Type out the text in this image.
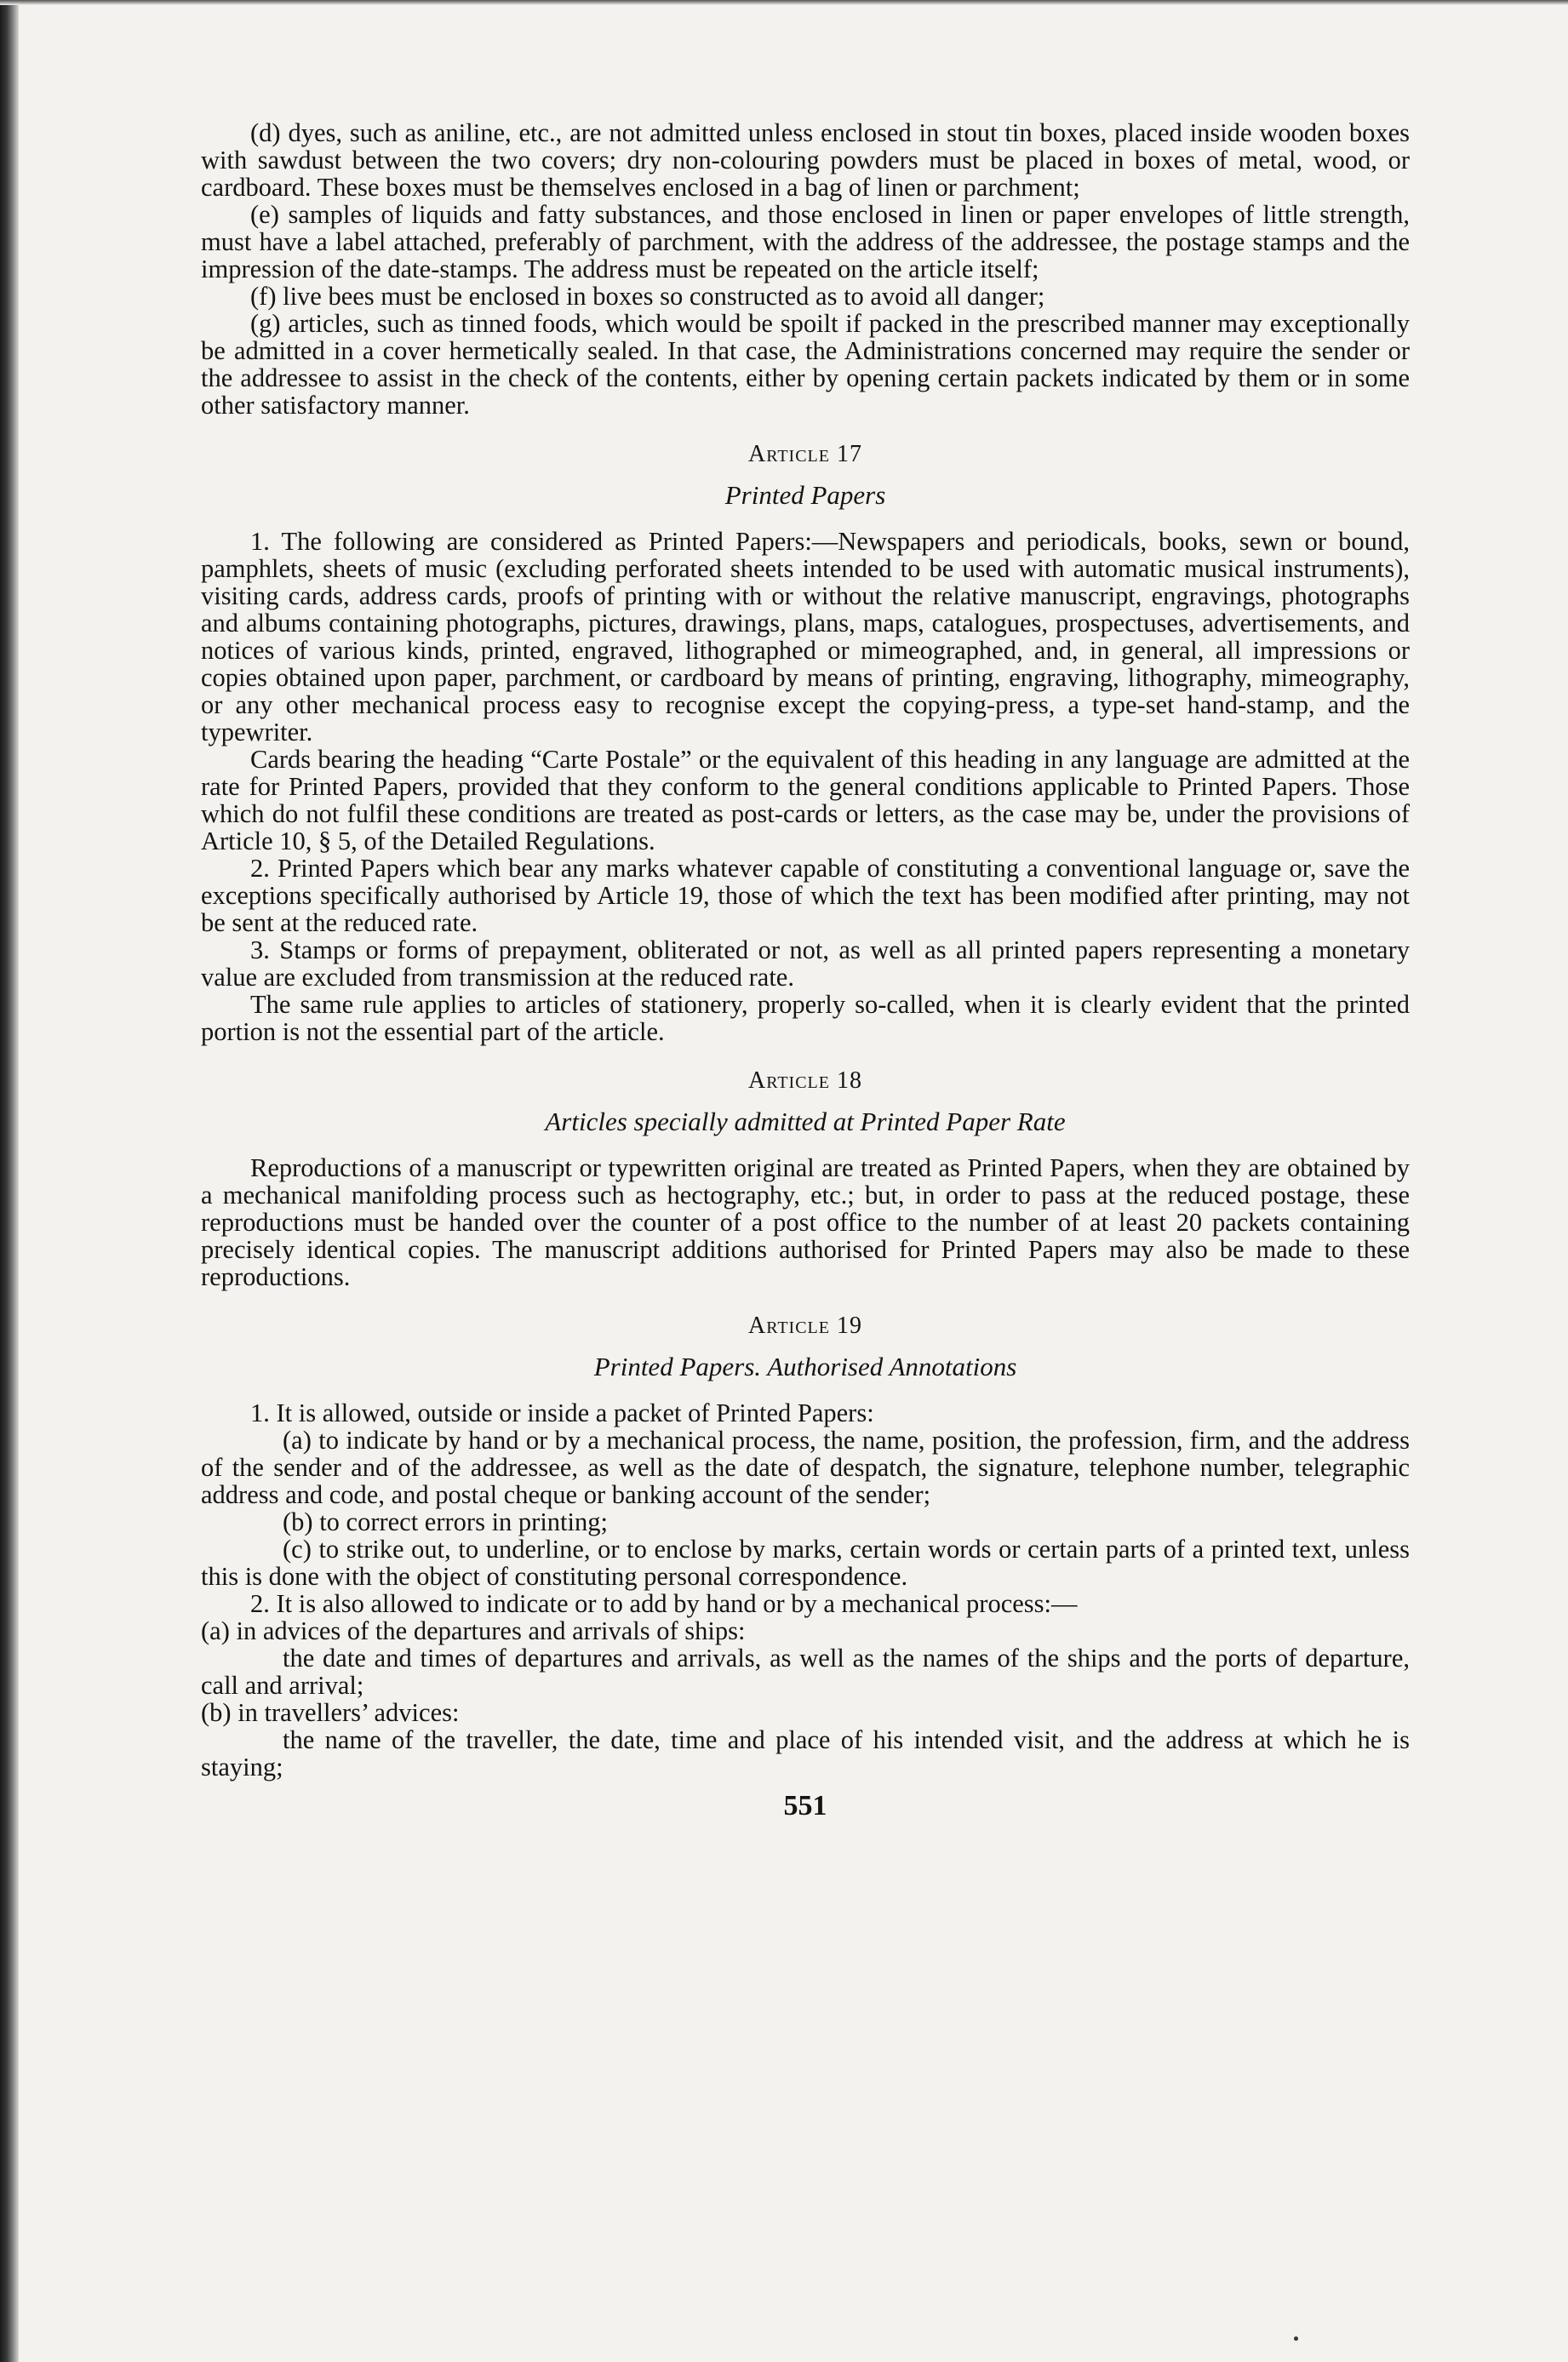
(d) dyes, such as aniline, etc., are not admitted unless enclosed in stout tin boxes, placed inside wooden boxes with sawdust between the two covers; dry non-colouring powders must be placed in boxes of metal, wood, or cardboard. These boxes must be themselves enclosed in a bag of linen or parchment;

(e) samples of liquids and fatty substances, and those enclosed in linen or paper envelopes of little strength, must have a label attached, preferably of parchment, with the address of the addressee, the postage stamps and the impression of the date-stamps. The address must be repeated on the article itself;

(f) live bees must be enclosed in boxes so constructed as to avoid all danger;

(g) articles, such as tinned foods, which would be spoilt if packed in the prescribed manner may exceptionally be admitted in a cover hermetically sealed. In that case, the Administrations concerned may require the sender or the addressee to assist in the check of the contents, either by opening certain packets indicated by them or in some other satisfactory manner.

Article 17
Printed Papers

1. The following are considered as Printed Papers:—Newspapers and periodicals, books, sewn or bound, pamphlets, sheets of music (excluding perforated sheets intended to be used with automatic musical instruments), visiting cards, address cards, proofs of printing with or without the relative manuscript, engravings, photographs and albums containing photographs, pictures, drawings, plans, maps, catalogues, prospectuses, advertisements, and notices of various kinds, printed, engraved, lithographed or mimeographed, and, in general, all impressions or copies obtained upon paper, parchment, or cardboard by means of printing, engraving, lithography, mimeography, or any other mechanical process easy to recognise except the copying-press, a type-set hand-stamp, and the typewriter.

Cards bearing the heading “Carte Postale” or the equivalent of this heading in any language are admitted at the rate for Printed Papers, provided that they conform to the general conditions applicable to Printed Papers. Those which do not fulfil these conditions are treated as post-cards or letters, as the case may be, under the provisions of Article 10, § 5, of the Detailed Regulations.

2. Printed Papers which bear any marks whatever capable of constituting a conventional language or, save the exceptions specifically authorised by Article 19, those of which the text has been modified after printing, may not be sent at the reduced rate.

3. Stamps or forms of prepayment, obliterated or not, as well as all printed papers representing a monetary value are excluded from transmission at the reduced rate.

The same rule applies to articles of stationery, properly so-called, when it is clearly evident that the printed portion is not the essential part of the article.

Article 18
Articles specially admitted at Printed Paper Rate

Reproductions of a manuscript or typewritten original are treated as Printed Papers, when they are obtained by a mechanical manifolding process such as hectography, etc.; but, in order to pass at the reduced postage, these reproductions must be handed over the counter of a post office to the number of at least 20 packets containing precisely identical copies. The manuscript additions authorised for Printed Papers may also be made to these reproductions.

Article 19
Printed Papers. Authorised Annotations

1. It is allowed, outside or inside a packet of Printed Papers:

(a) to indicate by hand or by a mechanical process, the name, position, the profession, firm, and the address of the sender and of the addressee, as well as the date of despatch, the signature, telephone number, telegraphic address and code, and postal cheque or banking account of the sender;

(b) to correct errors in printing;

(c) to strike out, to underline, or to enclose by marks, certain words or certain parts of a printed text, unless this is done with the object of constituting personal correspondence.

2. It is also allowed to indicate or to add by hand or by a mechanical process:—

(a) in advices of the departures and arrivals of ships:

the date and times of departures and arrivals, as well as the names of the ships and the ports of departure, call and arrival;

(b) in travellers’ advices:

the name of the traveller, the date, time and place of his intended visit, and the address at which he is staying;

551
